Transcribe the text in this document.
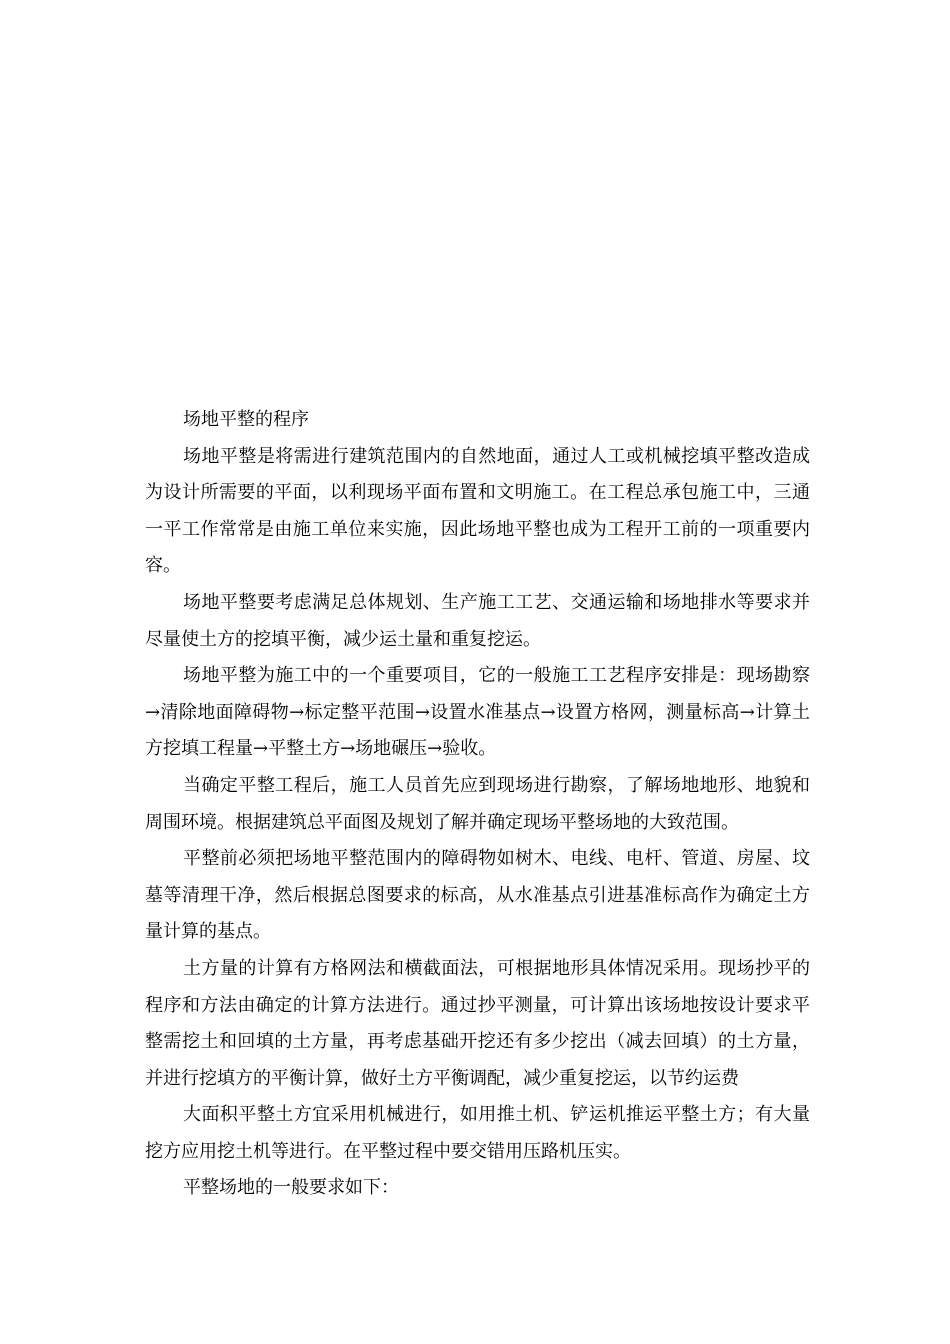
场地平整的程序

场地平整是将需进行建筑范围内的自然地面，通过人工或机械挖填平整改造成为设计所需要的平面，以利现场平面布置和文明施工。在工程总承包施工中，三通一平工作常常是由施工单位来实施，因此场地平整也成为工程开工前的一项重要内容。

场地平整要考虑满足总体规划、生产施工工艺、交通运输和场地排水等要求并尽量使土方的挖填平衡，减少运土量和重复挖运。

场地平整为施工中的一个重要项目，它的一般施工工艺程序安排是：现场勘察→清除地面障碍物→标定整平范围→设置水准基点→设置方格网，测量标高→计算土方挖填工程量→平整土方→场地碾压→验收。

当确定平整工程后，施工人员首先应到现场进行勘察，了解场地地形、地貌和周围环境。根据建筑总平面图及规划了解并确定现场平整场地的大致范围。

平整前必须把场地平整范围内的障碍物如树木、电线、电杆、管道、房屋、坟墓等清理干净，然后根据总图要求的标高，从水准基点引进基准标高作为确定土方量计算的基点。

土方量的计算有方格网法和横截面法，可根据地形具体情况采用。现场抄平的程序和方法由确定的计算方法进行。通过抄平测量，可计算出该场地按设计要求平整需挖土和回填的土方量，再考虑基础开挖还有多少挖出（减去回填）的土方量，并进行挖填方的平衡计算，做好土方平衡调配，减少重复挖运，以节约运费

大面积平整土方宜采用机械进行，如用推土机、铲运机推运平整土方；有大量挖方应用挖土机等进行。在平整过程中要交错用压路机压实。

平整场地的一般要求如下：
